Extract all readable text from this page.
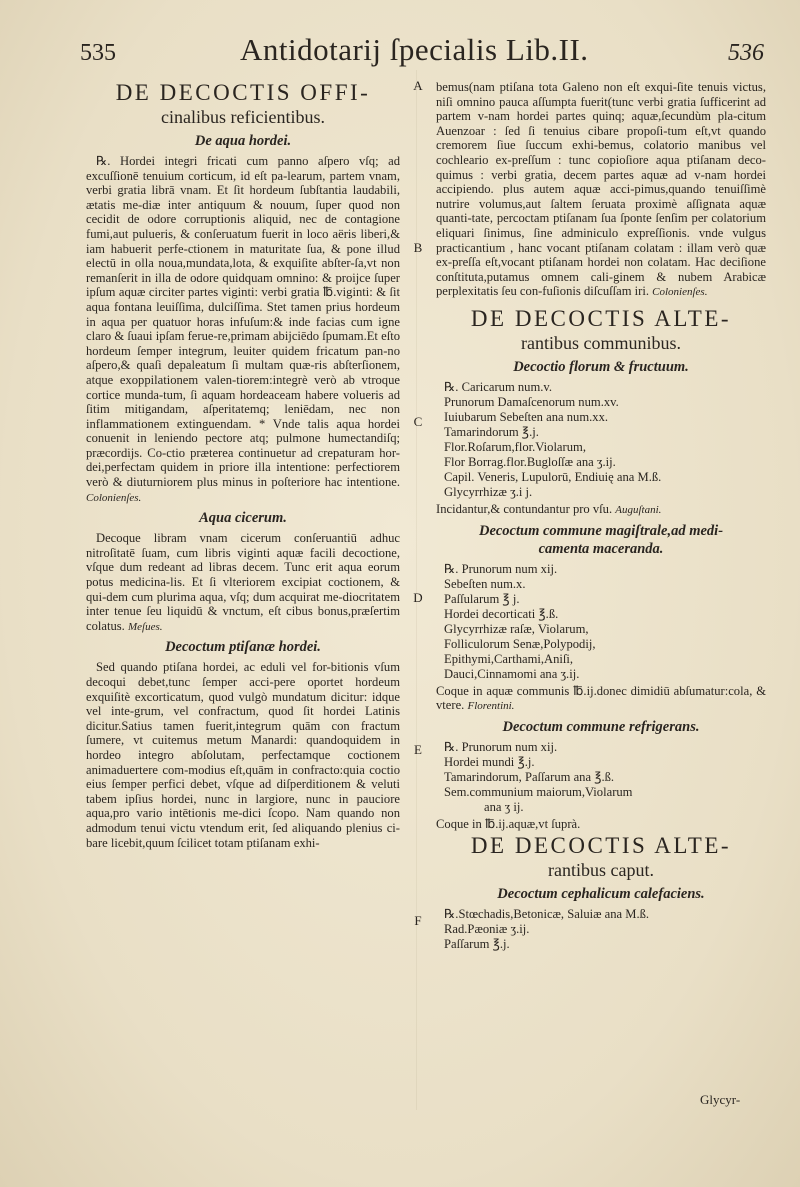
535	Antidotarij ſpecialis Lib.II.	536
A
B
C
D
E
F
DE DECOCTIS OFFI-
cinalibus reficientibus.
De aqua hordei.

℞. Hordei integri fricati cum panno aſpero vſq; ad excuſſionē tenuium corticum, id eſt pa-learum, partem vnam, verbi gratia librā vnam. Et ſit hordeum ſubſtantia laudabili, ætatis me-diæ inter antiquum & nouum, ſuper quod non cecidit de odore corruptionis aliquid, nec de contagione fumi,aut pulueris, & conſeruatum fuerit in loco aëris liberi,& iam habuerit perfe-ctionem in maturitate ſua, & pone illud electū in olla noua,mundata,lota, & exquiſite abſter-ſa,vt non remanſerit in illa de odore quidquam omnino: & proijce ſuper ipſum aquæ circiter partes viginti: verbi gratia ℔.viginti: & ſit aqua fontana leuiſſima, dulciſſima. Stet tamen prius hordeum in aqua per quatuor horas infuſum:& inde facias cum igne claro & ſuaui ipſam ferue-re,primam abijciēdo ſpumam.Et eſto hordeum ſemper integrum, leuiter quidem fricatum pan-no aſpero,& quaſi depaleatum ſi multam quæ-ris abſterſionem, atque exoppilationem valen-tiorem:integrè verò ab vtroque cortice munda-tum, ſi aquam hordeaceam habere volueris ad ſitim mitigandam, aſperitatemq; leniēdam, nec non inflammationem extinguendam. * Vnde talis aqua hordei conuenit in leniendo pectore atq; pulmone humectandiſq; præcordijs. Co-ctio præterea continuetur ad crepaturam hor-dei,perfectam quidem in priore illa intentione: perfectiorem verò & diuturniorem plus minus in poſteriore hac intentione. Colonienſes.

Aqua cicerum.

Decoque libram vnam cicerum conſeruantiū adhuc nitroſitatē ſuam, cum libris viginti aquæ facili decoctione, vſque dum redeant ad libras decem. Tunc erit aqua eorum potus medicina-lis. Et ſi vlteriorem excipiat coctionem, & qui-dem cum plurima aqua, vſq; dum acquirat me-diocritatem inter tenue ſeu liquidū & vnctum, eſt cibus bonus,præſertim colatus. Meſues.

Decoctum ptiſanæ hordei.

Sed quando ptiſana hordei, ac eduli vel for-bitionis vſum decoqui debet,tunc ſemper acci-pere oportet hordeum exquiſitè excorticatum, quod vulgò mundatum dicitur: idque vel inte-grum, vel confractum, quod ſit hordei Latinis dicitur.Satius tamen fuerit,integrum quām con fractum ſumere, vt cuitemus metum Manardi: quandoquidem in hordeo integro abſolutam, perfectamque coctionem animaduertere com-modius eſt,quām in confracto:quia coctio eius ſemper perfici debet, vſque ad diſperditionem & veluti tabem ipſius hordei, nunc in largiore, nunc in pauciore aqua,pro vario intētionis me-dici ſcopo. Nam quando non admodum tenui victu vtendum erit, ſed aliquando plenius ci-bare licebit,quum ſcilicet totam ptiſanam exhi-

bemus(nam ptiſana tota Galeno non eſt exqui-ſite tenuis victus, niſi omnino pauca aſſumpta fuerit(tunc verbi gratia ſufficerint ad partem v-nam hordei partes quinq; aquæ,ſecundùm pla-citum Auenzoar : ſed ſi tenuius cibare propoſi-tum eſt,vt quando cremorem ſiue ſuccum exhi-bemus, colatorio manibus vel cochleario ex-preſſum : tunc copioſiore aqua ptiſanam deco-quimus : verbi gratia, decem partes aquæ ad v-nam hordei accipiendo. plus autem aquæ acci-pimus,quando tenuiſſimè nutrire volumus,aut ſaltem ſeruata proximè aſſignata aquæ quanti-tate, percoctam ptiſanam ſua ſponte ſenſim per colatorium eliquari ſinimus, ſine adminiculo expreſſionis. vnde vulgus practicantium , hanc vocant ptiſanam colatam : illam verò quæ ex-preſſa eſt,vocant ptiſanam hordei non colatam. Hac deciſione conſtituta,putamus omnem cali-ginem & nubem Arabicæ perplexitatis ſeu con-fuſionis diſcuſſam iri. Colonienſes.

DE DECOCTIS ALTE-
rantibus communibus.
Decoctio florum & fructuum.
℞. Caricarum num.v.
Prunorum Damaſcenorum num.xv.
Iuiubarum Sebeſten ana num.xx.
Tamarindorum ℥.j.
Flor.Roſarum,flor.Violarum,
Flor Borrag.flor.Bugloſſæ ana ʒ.ij.
Capil. Veneris, Lupulorū, Endiuię ana M.ß.
Glycyrrhizæ ʒ.i j.

Incidantur,& contundantur pro vſu. Auguſtani.

Decoctum commune magiſtrale,ad medi-
camenta maceranda.
℞. Prunorum num xij.
Sebeſten num.x.
Paſſularum ℥ j.
Hordei decorticati ℥.ß.
Glycyrrhizæ raſæ, Violarum,
Folliculorum Senæ,Polypodij,
Epithymi,Carthami,Aniſi,
Dauci,Cinnamomi ana ʒ.ij.

Coque in aquæ communis ℔.ij.donec dimidiū abſumatur:cola, & vtere. Florentini.

Decoctum commune refrigerans.
℞. Prunorum num xij.
Hordei mundi ℥.j.
Tamarindorum, Paſſarum ana ℥.ß.
Sem.communium maiorum,Violarum
ana ʒ ij.

Coque in ℔.ij.aquæ,vt ſuprà.

DE DECOCTIS ALTE-
rantibus caput.
Decoctum cephalicum calefaciens.
℞.Stœchadis,Betonicæ, Saluiæ ana M.ß.
Rad.Pæoniæ ʒ.ij.
Paſſarum ℥.j.
Glycyr-
